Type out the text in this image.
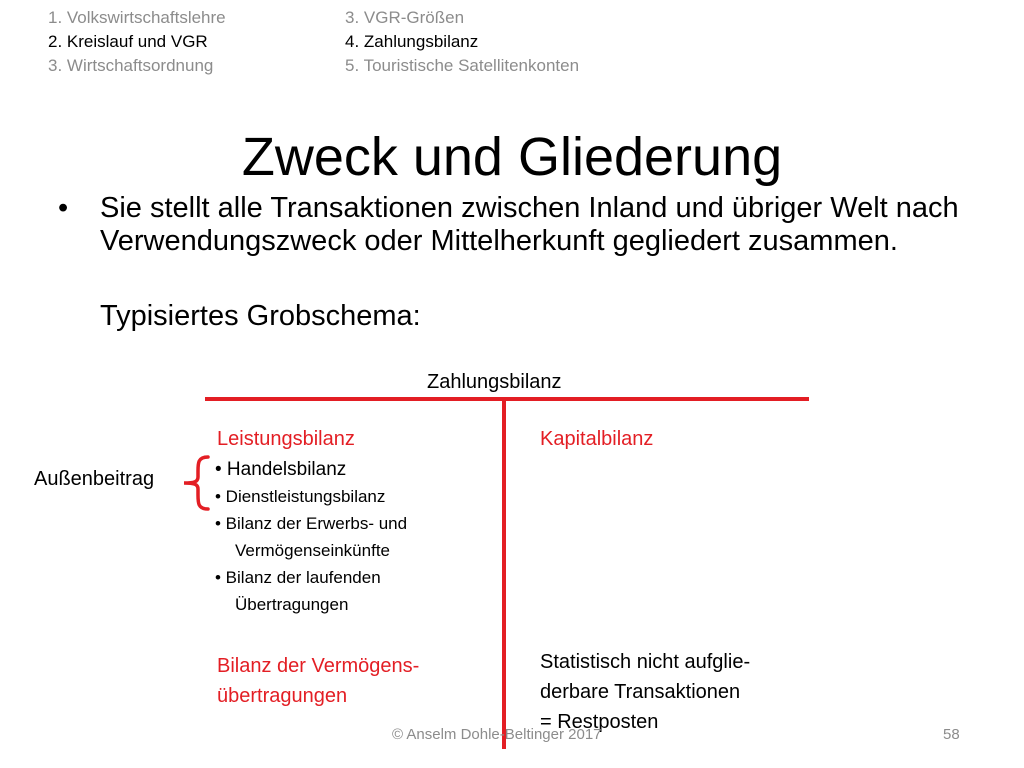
1. Volkswirtschaftslehre
2. Kreislauf und VGR
3. Wirtschaftsordnung
3. VGR-Größen
4. Zahlungsbilanz
5. Touristische Satellitenkonten
Zweck und Gliederung
• Sie stellt alle Transaktionen zwischen Inland und übriger Welt nach Verwendungszweck oder Mittelherkunft gegliedert zusammen.
Typisiertes Grobschema:
Zahlungsbilanz
Leistungsbilanz	Kapitalbilanz
Außenbeitrag	• Handelsbilanz
• Dienstleistungsbilanz
• Bilanz der Erwerbs- und
Vermögenseinkünfte
• Bilanz der laufenden
Übertragungen
Bilanz der Vermögens-
übertragungen
Statistisch nicht aufglie-
derbare Transaktionen
= Restposten
© Anselm Dohle-Beltinger 2017	58
